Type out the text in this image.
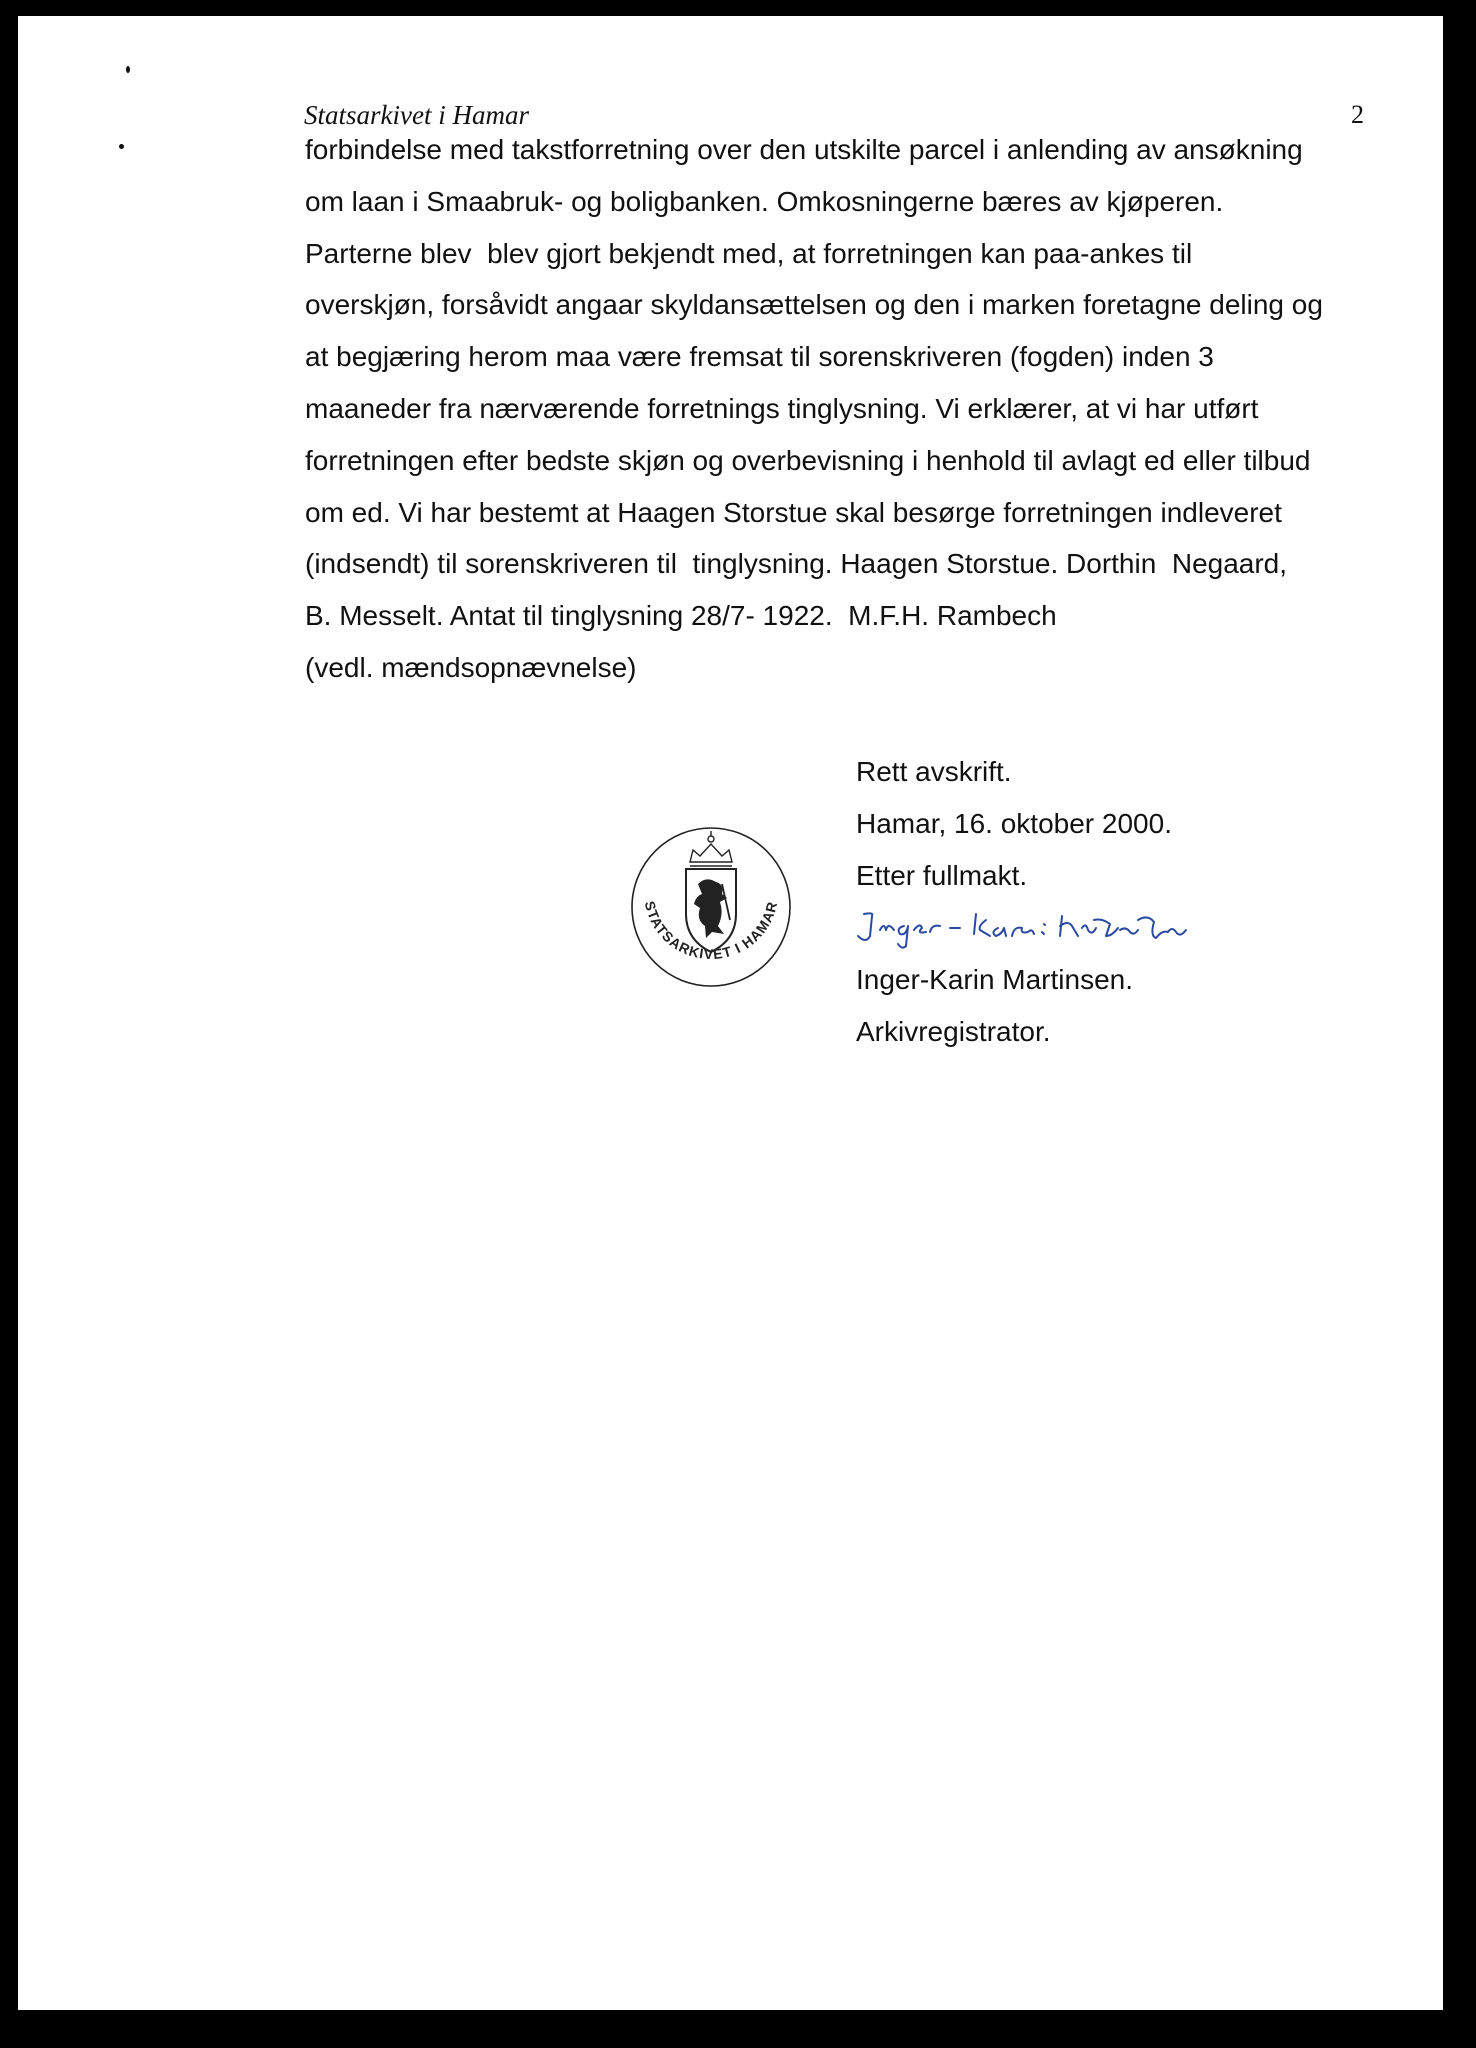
Statsarkivet i Hamar	2
forbindelse med takstforretning over den utskilte parcel i anlending av ansøkning
om laan i Smaabruk- og boligbanken. Omkosningerne bæres av kjøperen.
Parterne blev  blev gjort bekjendt med, at forretningen kan paa-ankes til
overskjøn, forsåvidt angaar skyldansættelsen og den i marken foretagne deling og
at begjæring herom maa være fremsat til sorenskriveren (fogden) inden 3
maaneder fra nærværende forretnings tinglysning. Vi erklærer, at vi har utført
forretningen efter bedste skjøn og overbevisning i henhold til avlagt ed eller tilbud
om ed. Vi har bestemt at Haagen Storstue skal besørge forretningen indleveret
(indsendt) til sorenskriveren til  tinglysning. Haagen Storstue. Dorthin  Negaard,
B. Messelt. Antat til tinglysning 28/7- 1922.  M.F.H. Rambech
(vedl. mændsopnævnelse)
STATSARKIVET I HAMAR
Rett avskrift.
Hamar, 16. oktober 2000.
Etter fullmakt.
Inger-Karin Martinsen.
Arkivregistrator.
